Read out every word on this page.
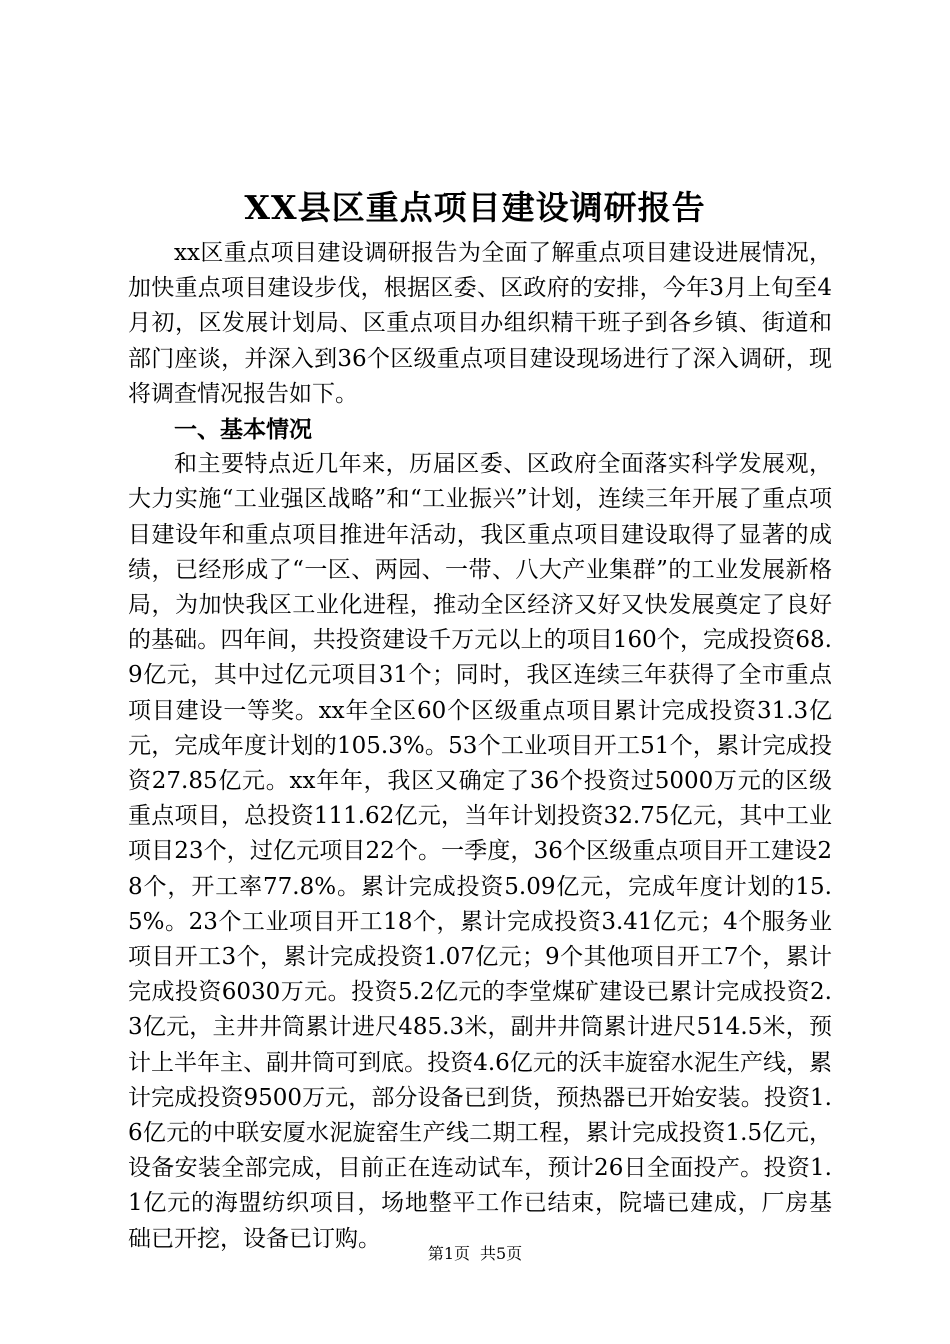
XX县区重点项目建设调研报告

xx区重点项目建设调研报告为全面了解重点项目建设进展情况，加快重点项目建设步伐，根据区委、区政府的安排，今年3月上旬至4月初，区发展计划局、区重点项目办组织精干班子到各乡镇、街道和部门座谈，并深入到36个区级重点项目建设现场进行了深入调研，现将调查情况报告如下。

一、基本情况

和主要特点近几年来，历届区委、区政府全面落实科学发展观，大力实施“工业强区战略”和“工业振兴”计划，连续三年开展了重点项目建设年和重点项目推进年活动，我区重点项目建设取得了显著的成绩，已经形成了“一区、两园、一带、八大产业集群”的工业发展新格局，为加快我区工业化进程，推动全区经济又好又快发展奠定了良好的基础。四年间，共投资建设千万元以上的项目160个，完成投资68.9亿元，其中过亿元项目31个；同时，我区连续三年获得了全市重点项目建设一等奖。xx年全区60个区级重点项目累计完成投资31.3亿元，完成年度计划的105.3%。53个工业项目开工51个，累计完成投资27.85亿元。xx年年，我区又确定了36个投资过5000万元的区级重点项目，总投资111.62亿元，当年计划投资32.75亿元，其中工业项目23个，过亿元项目22个。一季度，36个区级重点项目开工建设28个，开工率77.8%。累计完成投资5.09亿元，完成年度计划的15.5%。23个工业项目开工18个，累计完成投资3.41亿元；4个服务业项目开工3个，累计完成投资1.07亿元；9个其他项目开工7个，累计完成投资6030万元。投资5.2亿元的李堂煤矿建设已累计完成投资2.3亿元，主井井筒累计进尺485.3米，副井井筒累计进尺514.5米，预计上半年主、副井筒可到底。投资4.6亿元的沃丰旋窑水泥生产线，累计完成投资9500万元，部分设备已到货，预热器已开始安装。投资1.6亿元的中联安厦水泥旋窑生产线二期工程，累计完成投资1.5亿元，设备安装全部完成，目前正在连动试车，预计26日全面投产。投资1.1亿元的海盟纺织项目，场地整平工作已结束，院墙已建成，厂房基础已开挖，设备已订购。

第1页 共5页
